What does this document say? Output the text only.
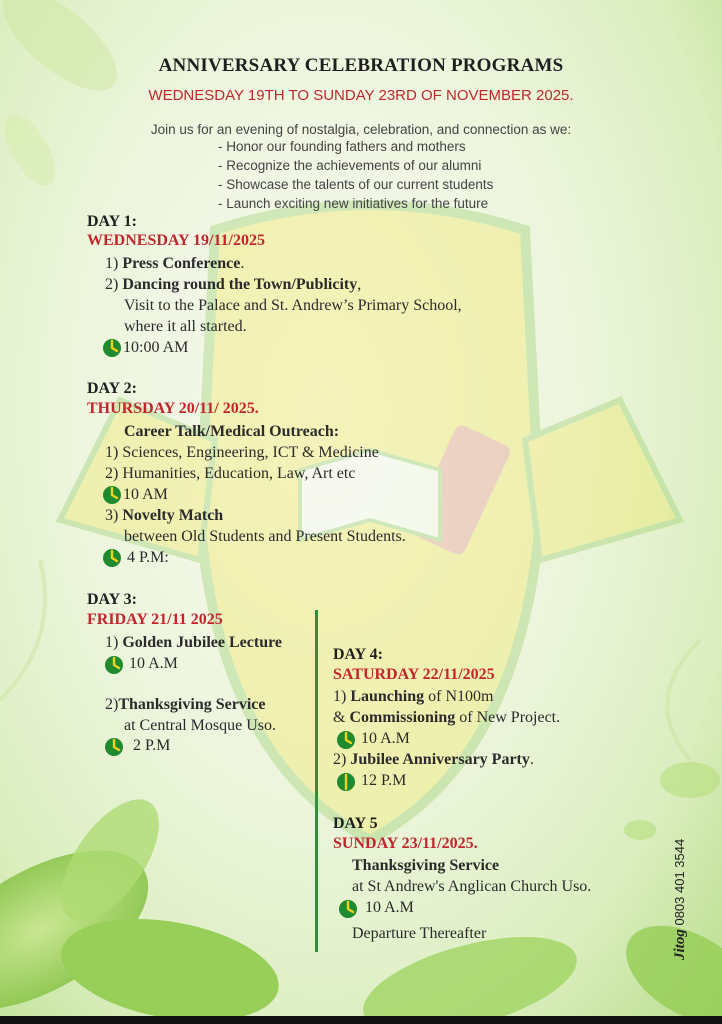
ANNIVERSARY CELEBRATION PROGRAMS
WEDNESDAY 19TH TO SUNDAY 23RD OF NOVEMBER 2025.
Join us for an evening of nostalgia, celebration, and connection as we:
- Honor our founding fathers and mothers
- Recognize the achievements of our alumni
- Showcase the talents of our current students
- Launch exciting new initiatives for the future
DAY 1:
WEDNESDAY 19/11/2025
1) Press Conference.
2) Dancing round the Town/Publicity,
Visit to the Palace and St. Andrew’s Primary School,
where it all started.
10:00 AM
DAY 2:
THURSDAY 20/11/ 2025.
Career Talk/Medical Outreach:
1) Sciences, Engineering, ICT & Medicine
2) Humanities, Education, Law, Art etc
10 AM
3) Novelty Match
between Old Students and Present Students.
4 P.M:
DAY 3:
FRIDAY 21/11 2025
1) Golden Jubilee Lecture
10 A.M
2)Thanksgiving Service
at Central Mosque Uso.
2 P.M
DAY 4:
SATURDAY 22/11/2025
1) Launching of N100m
& Commissioning of New Project.
10 A.M
2) Jubilee Anniversary Party.
12 P.M
DAY 5
SUNDAY 23/11/2025.
Thanksgiving Service
at St Andrew's Anglican Church Uso.
10 A.M
Departure Thereafter	Jitog 0803 401 3544
